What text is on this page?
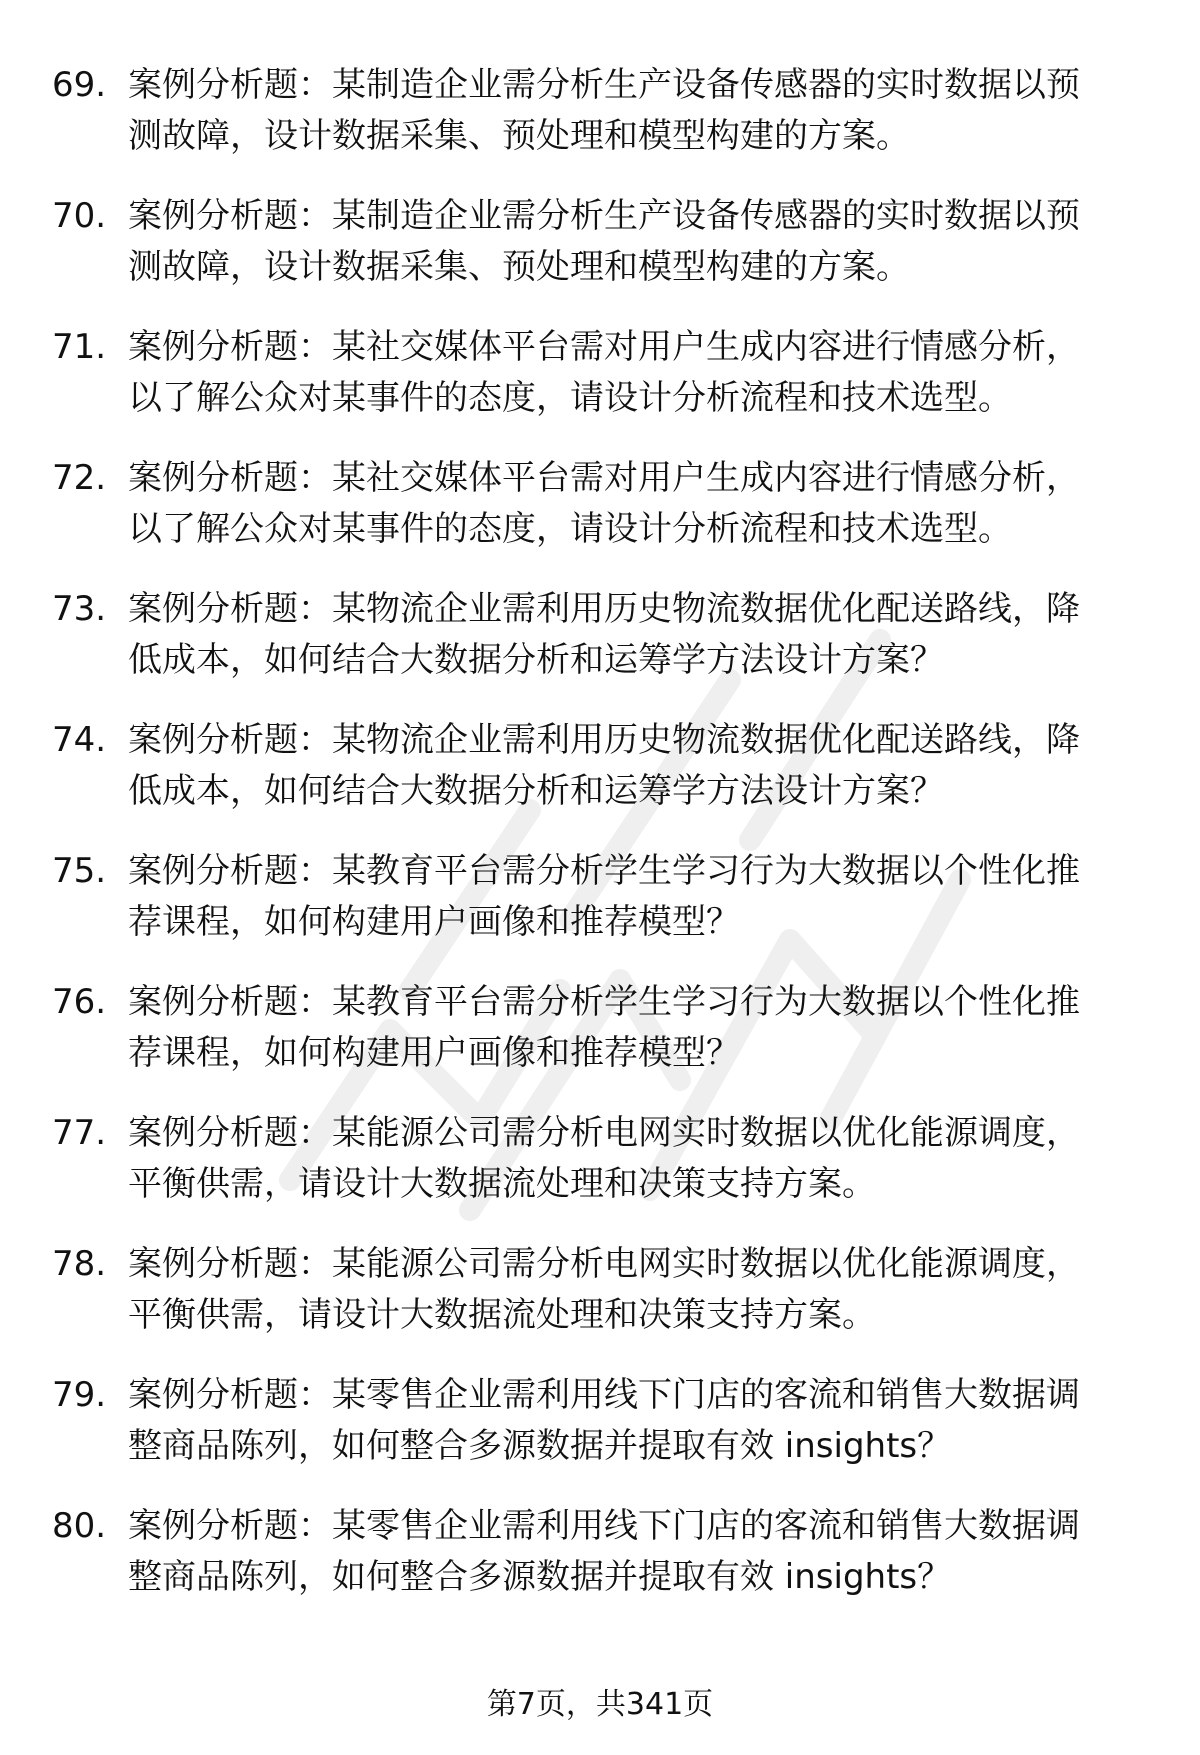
69. 案例分析题：某制造企业需分析生产设备传感器的实时数据以预
测故障，设计数据采集、预处理和模型构建的方案。
70. 案例分析题：某制造企业需分析生产设备传感器的实时数据以预
测故障，设计数据采集、预处理和模型构建的方案。
71. 案例分析题：某社交媒体平台需对用户生成内容进行情感分析，
以了解公众对某事件的态度，请设计分析流程和技术选型。
72. 案例分析题：某社交媒体平台需对用户生成内容进行情感分析，
以了解公众对某事件的态度，请设计分析流程和技术选型。
73. 案例分析题：某物流企业需利用历史物流数据优化配送路线，降
低成本，如何结合大数据分析和运筹学方法设计方案？
74. 案例分析题：某物流企业需利用历史物流数据优化配送路线，降
低成本，如何结合大数据分析和运筹学方法设计方案？
75. 案例分析题：某教育平台需分析学生学习行为大数据以个性化推
荐课程，如何构建用户画像和推荐模型？
76. 案例分析题：某教育平台需分析学生学习行为大数据以个性化推
荐课程，如何构建用户画像和推荐模型？
77. 案例分析题：某能源公司需分析电网实时数据以优化能源调度，
平衡供需，请设计大数据流处理和决策支持方案。
78. 案例分析题：某能源公司需分析电网实时数据以优化能源调度，
平衡供需，请设计大数据流处理和决策支持方案。
79. 案例分析题：某零售企业需利用线下门店的客流和销售大数据调
整商品陈列，如何整合多源数据并提取有效 insights？
80. 案例分析题：某零售企业需利用线下门店的客流和销售大数据调
整商品陈列，如何整合多源数据并提取有效 insights？
第7页，共341页
